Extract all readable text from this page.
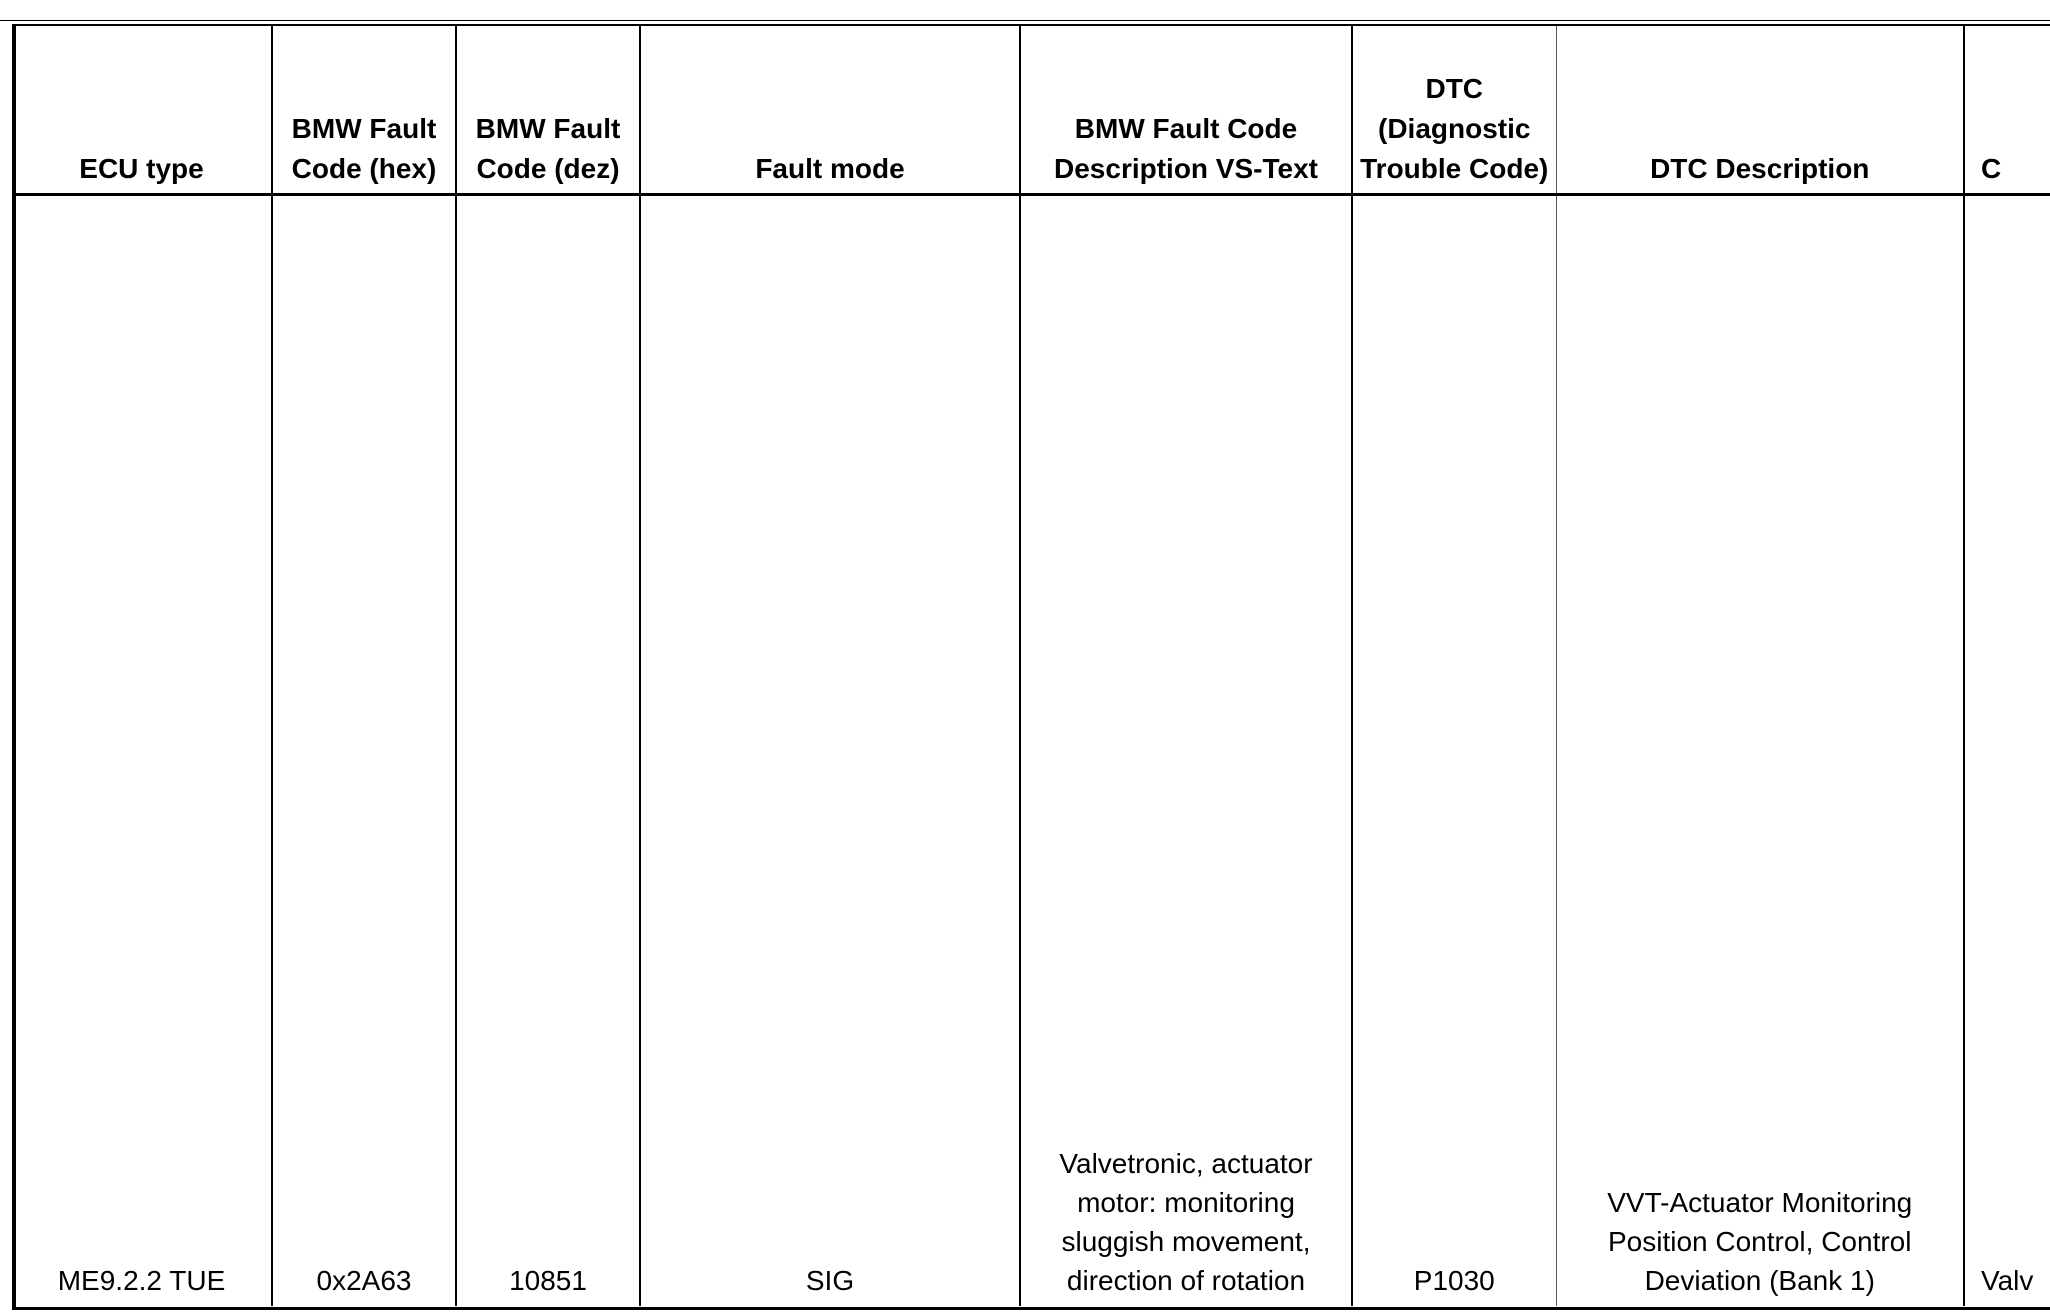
ECU type	BMW Fault Code (hex)	BMW Fault Code (dez)	Fault mode	BMW Fault Code Description VS-Text	DTC (Diagnostic Trouble Code)	DTC Description	C
ME9.2.2 TUE	0x2A63	10851	SIG	Valvetronic, actuator motor: monitoring sluggish movement, direction of rotation	P1030	VVT-Actuator Monitoring Position Control, Control Deviation (Bank 1)	Valv
